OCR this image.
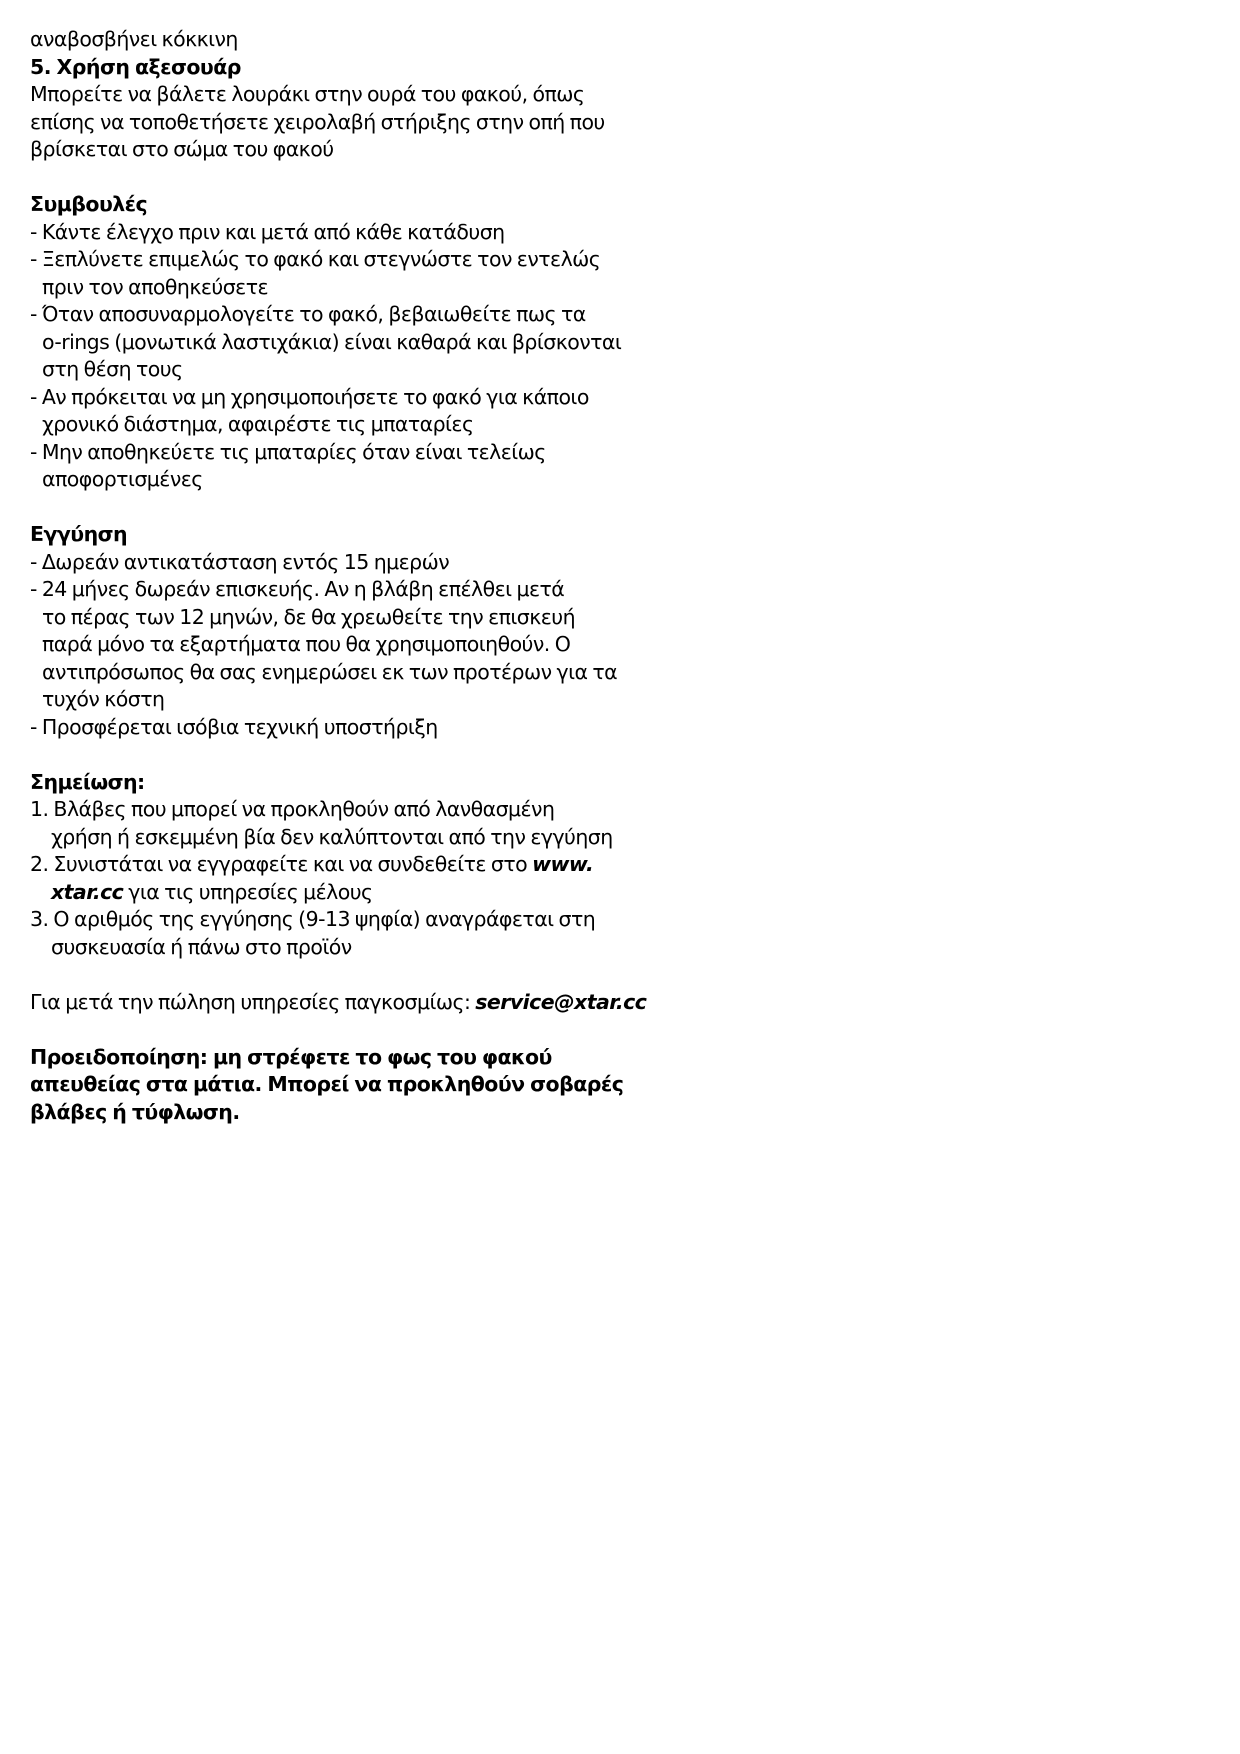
αναβοσβήνει κόκκινη
5. Χρήση αξεσουάρ
Μπορείτε να βάλετε λουράκι στην ουρά του φακού, όπως
επίσης να τοποθετήσετε χειρολαβή στήριξης στην οπή που
βρίσκεται στο σώμα του φακού
Συμβουλές
- Κάντε έλεγχο πριν και μετά από κάθε κατάδυση
- Ξεπλύνετε επιμελώς το φακό και στεγνώστε τον εντελώς
πριν τον αποθηκεύσετε
- Όταν αποσυναρμολογείτε το φακό, βεβαιωθείτε πως τα
o-rings (μονωτικά λαστιχάκια) είναι καθαρά και βρίσκονται
στη θέση τους
- Αν πρόκειται να μη χρησιμοποιήσετε το φακό για κάποιο
χρονικό διάστημα, αφαιρέστε τις μπαταρίες
- Μην αποθηκεύετε τις μπαταρίες όταν είναι τελείως
αποφορτισμένες
Εγγύηση
- Δωρεάν αντικατάσταση εντός 15 ημερών
- 24 μήνες δωρεάν επισκευής. Αν η βλάβη επέλθει μετά
το πέρας των 12 μηνών, δε θα χρεωθείτε την επισκευή
παρά μόνο τα εξαρτήματα που θα χρησιμοποιηθούν. Ο
αντιπρόσωπος θα σας ενημερώσει εκ των προτέρων για τα
τυχόν κόστη
- Προσφέρεται ισόβια τεχνική υποστήριξη
Σημείωση:
1. Βλάβες που μπορεί να προκληθούν από λανθασμένη
χρήση ή εσκεμμένη βία δεν καλύπτονται από την εγγύηση
2. Συνιστάται να εγγραφείτε και να συνδεθείτε στο www.
xtar.cc για τις υπηρεσίες μέλους
3. Ο αριθμός της εγγύησης (9-13 ψηφία) αναγράφεται στη
συσκευασία ή πάνω στο προϊόν
Για μετά την πώληση υπηρεσίες παγκοσμίως: service@xtar.cc
Προειδοποίηση: μη στρέφετε το φως του φακού
απευθείας στα μάτια. Μπορεί να προκληθούν σοβαρές
βλάβες ή τύφλωση.
